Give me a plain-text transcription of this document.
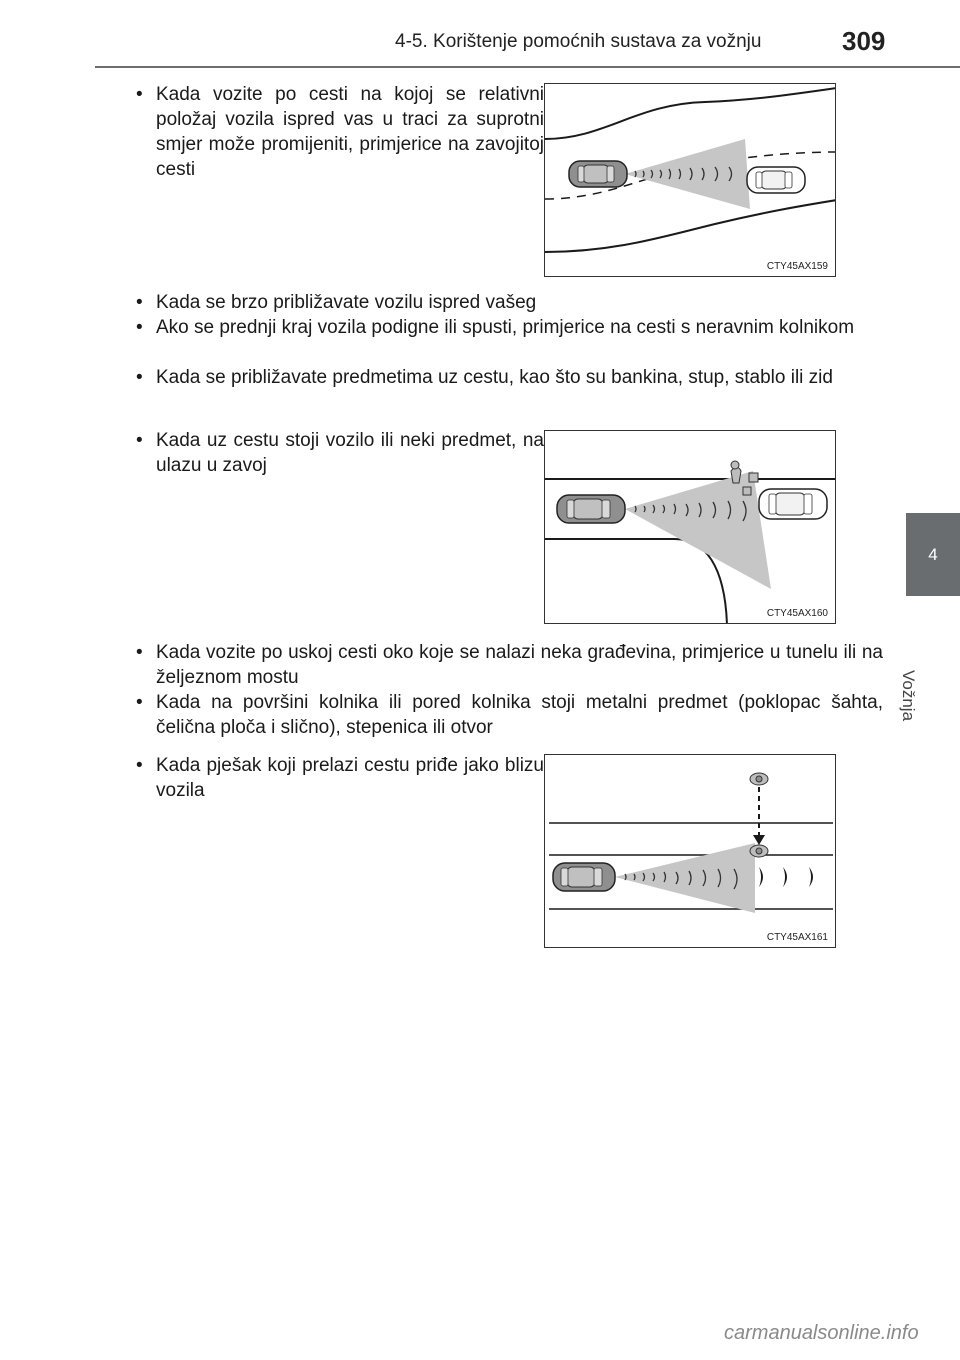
4-5. Korištenje pomoćnih sustava za vožnju	309
4
Vožnja
• Kada vozite po cesti na kojoj se relativni položaj vozila ispred vas u traci za suprotni smjer može promijeniti, primjerice na zavojitoj cesti
• Kada se brzo približavate vozilu ispred vašeg
• Ako se prednji kraj vozila podigne ili spusti, primjerice na cesti s neravnim kolnikom
• Kada se približavate predmetima uz cestu, kao što su bankina, stup, stablo ili zid
• Kada uz cestu stoji vozilo ili neki predmet, na ulazu u zavoj
• Kada vozite po uskoj cesti oko koje se nalazi neka građevina, primjerice u tunelu ili na željeznom mostu
• Kada na površini kolnika ili pored kolnika stoji metalni predmet (poklopac šahta, čelična ploča i slično), stepenica ili otvor
• Kada pješak koji prelazi cestu priđe jako blizu vozila
CTY45AX159
CTY45AX160
CTY45AX161
carmanualsonline.info
